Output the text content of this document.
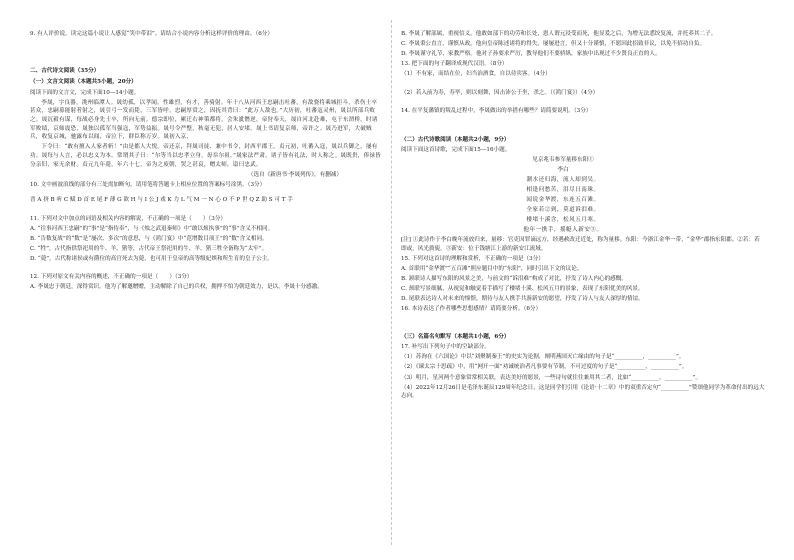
9. 有人评价说，读完这篇小说让人感觉“笑中带泪”。请结合小说内容分析这样评价的理由。（6分）

二、古代诗文阅读（35分）

（一）文言文阅读（本题共5小题，20分）

阅读下面的文言文，完成下面10—14小题。

李晟，字良器，洮州临潭人。晟幼孤，以孝闻。性雄烈，有才，善骑射。年十八从河西王忠嗣击吐蕃，有敌骁将乘城拒斗，杀伤士卒甚众，忠嗣募能射者射之，晟引弓一发而毙，三军皆呼。忠嗣厚赏之，因抚其背曰：“此万人敌也。”大历初，吐蕃寇灵州，晟以所部兵败之。晟沉毅有谋，每战必身先士卒，所向无前。德宗即位，累迁右神策都将。会朱泚僭逆，帝狩奉天，晟自河北赴难，屯于东渭桥。时诸军败绩，京师震恐，晟独以孤军当强寇，军势益振。晟号令严整，秋毫无犯，居人安堵。晟上书请复京师，帝许之。晟乃进军，大破贼兵，收复京城，驰露布以闻，帝泣下，群臣称万岁。晟初入京，

下令曰：“敢有擅入人家者斩！”由是都人大悦。帝还京，拜晟司徒、兼中书令，封西平郡王。贞元初，吐蕃入寇，晟以兵御之，屡有功。晟每与人言，必以忠义为本。常谓其子曰：“尔等当以忠孝立身，毋忝尔祖。”晟家法严肃，诸子皆有礼法，时人称之。晟既贵，俸禄皆分亲旧，家无余财。贞元九年薨，年六十七，帝为之废朝，哭之甚哀，赠太师，谥曰忠武。

（选自《新唐书·李晟列传》，有删减）

10. 文中画波浪线的部分有三处需加断句，请用笔将答题卡上相应位置的答案标号涂黑。（3分）

晋 A 挤 B 听 C 赋 D 首 E 尾 F 薄 G 欲 H 与 I 公 J 戏 K 力 L 气 M 一 N 心 O 不 P 世 Q Z 助 S 可 T 手

11. 下列对文中加点的词语及相关内容的解说，不正确的一项是（　　）（3分）

A. “往事河西王忠嗣”的“事”是“指侍奉”，与《烛之武退秦师》中“敢以烦执事”的“事”含义不相同。

B. “告数复战”的“数”是“屡次、多次”的意思，与《鸿门宴》中“范增数目项王”的“数”含义相同。

C. “牲”，古代指供祭祀用的牛、羊、猪等，古代帝王祭祀用的牛、羊、猪三牲全备称为“太牢”。

D. “薨”，古代称诸侯或有爵位的高官死去为薨，也可用于皇帝的高等级妃嫔和所生育的皇子公主。

12. 下列对原文有关内容的概述，不正确的一项是（　　）（3分）

A. 李晟忠于朝廷，深得赏识。他为了解邀赠赠，主动解除了自己的兵权，拥押不怕为朝廷效力，是以，李晟十分感激。

B. 李晟了解部属，重视信义。他敢如部下的功劳和长处，恩人谓元浸受而死，他显爰之后，为增无法悉饺复流，并托养其二子。

C. 李晟秉公直言，谨慎从政。他向皇帝陈述诸将的得失，屡屡进言，但又十分谨慎，不愿因此招致非议，以免不招功自负。

D. 李晟谨守礼节，家教严格。他对子孙要求严厉，教导他们不要骄纵，家族中出现过不少贤良正直的人。

13. 把下面的句子翻译成现代汉语。（8分）

（1）不有家，而结在位，妇当治酒食，自以待宾客。（4分）

（2）若入前为寿，寿毕，则以刻舞，因击沛公于坐，杀之。（《鸿门宴》）（4分）

14. 在平复藩镇的叛乱过程中，李晟做出的举措有哪些？请简要说明。（3分）

（二）古代诗歌阅读（本题共2小题，9分）

阅读下面这首诗歌，完成下面15—16小题。

见京兆韦参军量移东阳①

李白

潮水还归海，流人却到吴。

相逢问愁苦，泪尽日南珠。

闻说金华渡，东连五百滩。

全家若②到，莫道诉泪难。

楼堵十溪含，松风五月寒。

他年一携手，摇艇入新安③。

[注] ①此诗作于李白晚年流放归来，量移：官吏因罪谪远方，经遇赦改迁近处，称为量移。东阳：今浙江金华一带，“金华”郡指东阳郡。②若：若即或，风光旖旎。③新安：位于钱塘江上游的新安江流域。

15. 下列对这首诗的理解和赏析，不正确的一项是（3分）

A. 首联用“金华渡”“五百滩”照应题目中的“东阳”，同时引出下文的议论。

B. 颔联诗人描写东阳的风景之美，与前文的“诉泪难”构成了对比，抒发了诗人内心的感慨。

C. 颈联写景细腻，从视觉和触觉着手描写了楼堵十溪、松风五月的景象，表现了东阳优美的风景。

D. 尾联表达诗人对未来的憧憬，期待与友人携手共游新安的愿望，抒发了诗人与友人深厚的情谊。

16. 本诗表达了作者哪些思想感情？请简要分析。（6分）

（三）名篇名句默写（本题共1小题，6分）

17. 补写出下列句子中的空缺部分。

（1）苏洵在《六国论》中以“刘聚制秦王”的史实为论据，阐明燕国灭亡缘由的句子是“__________，__________”。

（2）《谏太宗十思疏》中，用“网开一面”劝诫统治者凡事要有节制，不可过度的句子是“__________，__________”。

（3）明月，星河两个意象常常相关联，表达美好的愿景，一些诗句就往往兼用其二者，比如“__________，__________”。

（4）2022年12月26日是毛泽东诞辰129周年纪念日，这是同学们引用《论语·十二章》中的双重否定句“__________”赞颂他同学为革命付出的远大志向。
